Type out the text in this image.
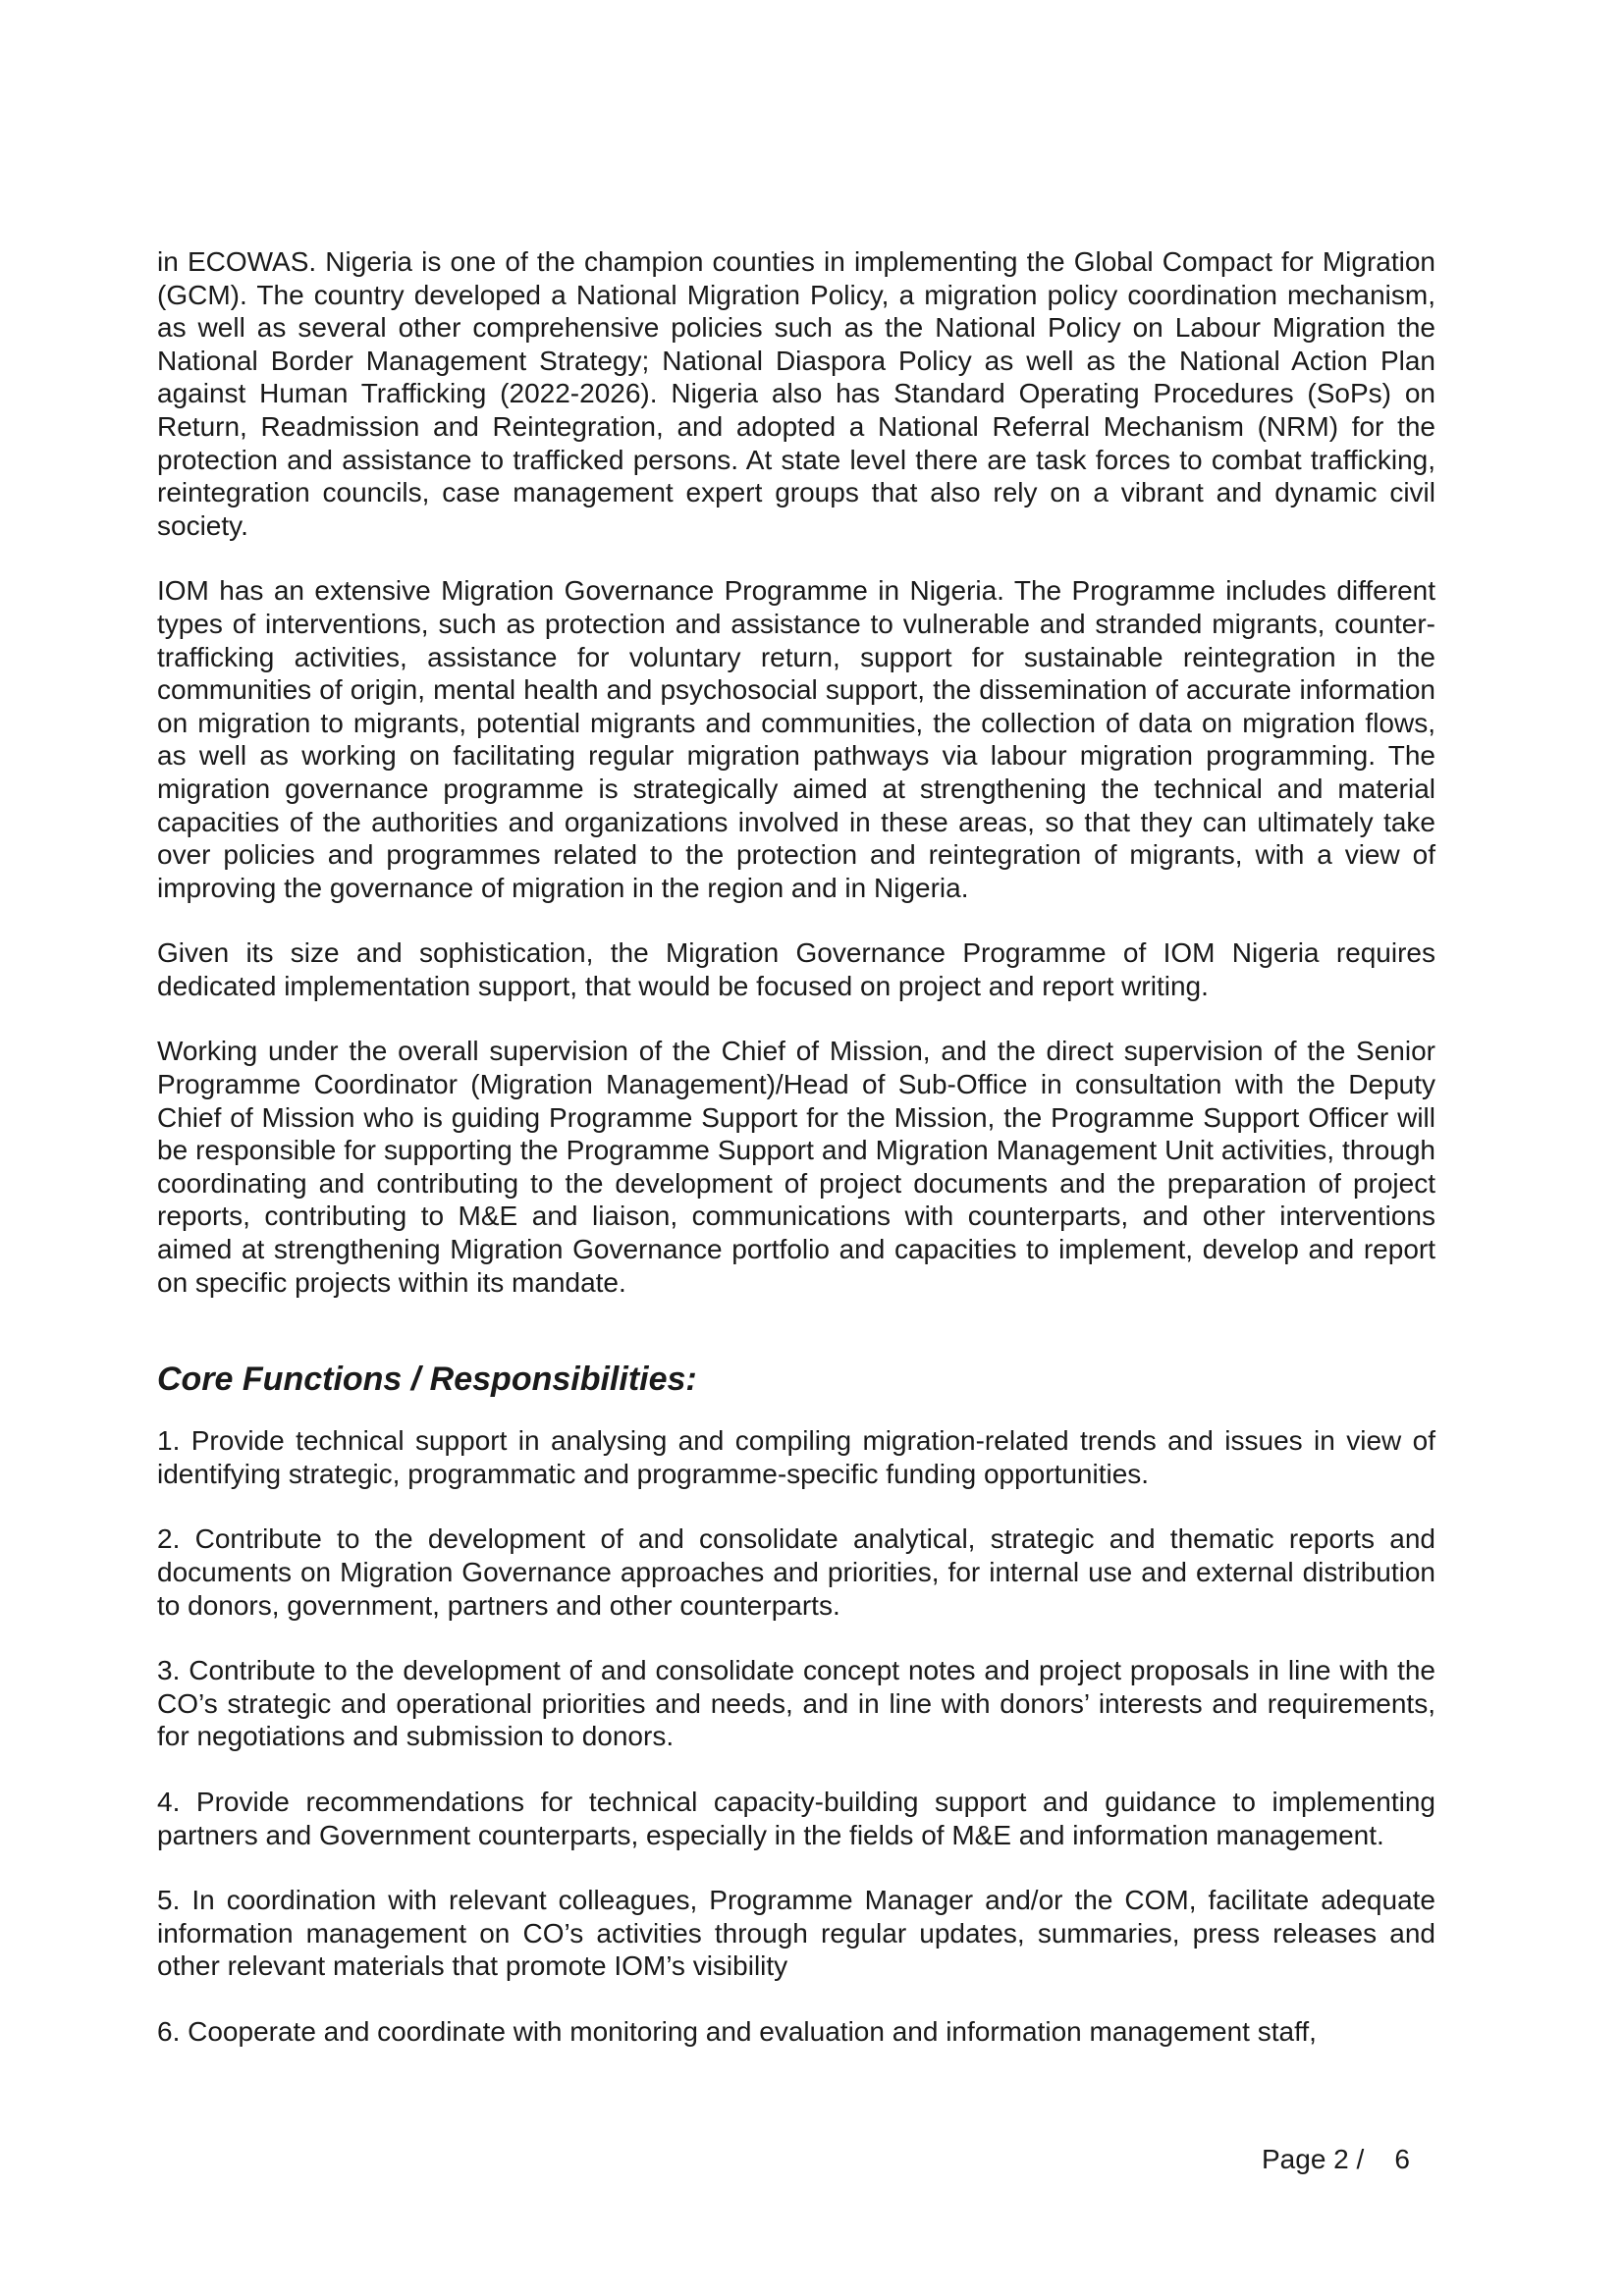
in ECOWAS. Nigeria is one of the champion counties in implementing the Global Compact for Migration (GCM). The country developed a National Migration Policy, a migration policy coordination mechanism, as well as several other comprehensive policies such as the National Policy on Labour Migration the National Border Management Strategy; National Diaspora Policy as well as the National Action Plan against Human Trafficking (2022-2026). Nigeria also has Standard Operating Procedures (SoPs) on Return, Readmission and Reintegration, and adopted a National Referral Mechanism (NRM) for the protection and assistance to trafficked persons. At state level there are task forces to combat trafficking, reintegration councils, case management expert groups that also rely on a vibrant and dynamic civil society.

IOM has an extensive Migration Governance Programme in Nigeria. The Programme includes different types of interventions, such as protection and assistance to vulnerable and stranded migrants, counter-trafficking activities, assistance for voluntary return, support for sustainable reintegration in the communities of origin, mental health and psychosocial support, the dissemination of accurate information on migration to migrants, potential migrants and communities, the collection of data on migration flows, as well as working on facilitating regular migration pathways via labour migration programming. The migration governance programme is strategically aimed at strengthening the technical and material capacities of the authorities and organizations involved in these areas, so that they can ultimately take over policies and programmes related to the protection and reintegration of migrants, with a view of improving the governance of migration in the region and in Nigeria.

Given its size and sophistication, the Migration Governance Programme of IOM Nigeria requires dedicated implementation support, that would be focused on project and report writing.

Working under the overall supervision of the Chief of Mission, and the direct supervision of the Senior Programme Coordinator (Migration Management)/Head of Sub-Office in consultation with the Deputy Chief of Mission who is guiding Programme Support for the Mission, the Programme Support Officer will be responsible for supporting the Programme Support and Migration Management Unit activities, through coordinating and contributing to the development of project documents and the preparation of project reports, contributing to M&E and liaison, communications with counterparts, and other interventions aimed at strengthening Migration Governance portfolio and capacities to implement, develop and report on specific projects within its mandate.

Core Functions / Responsibilities:

1. Provide technical support in analysing and compiling migration-related trends and issues in view of identifying strategic, programmatic and programme-specific funding opportunities.

2. Contribute to the development of and consolidate analytical, strategic and thematic reports and documents on Migration Governance approaches and priorities, for internal use and external distribution to donors, government, partners and other counterparts.

3. Contribute to the development of and consolidate concept notes and project proposals in line with the CO’s strategic and operational priorities and needs, and in line with donors’ interests and requirements, for negotiations and submission to donors.

4. Provide recommendations for technical capacity-building support and guidance to implementing partners and Government counterparts, especially in the fields of M&E and information management.

5. In coordination with relevant colleagues, Programme Manager and/or the COM, facilitate adequate information management on CO’s activities through regular updates, summaries, press releases and other relevant materials that promote IOM’s visibility

6. Cooperate and coordinate with monitoring and evaluation and information management staff,

Page 2 /    6
